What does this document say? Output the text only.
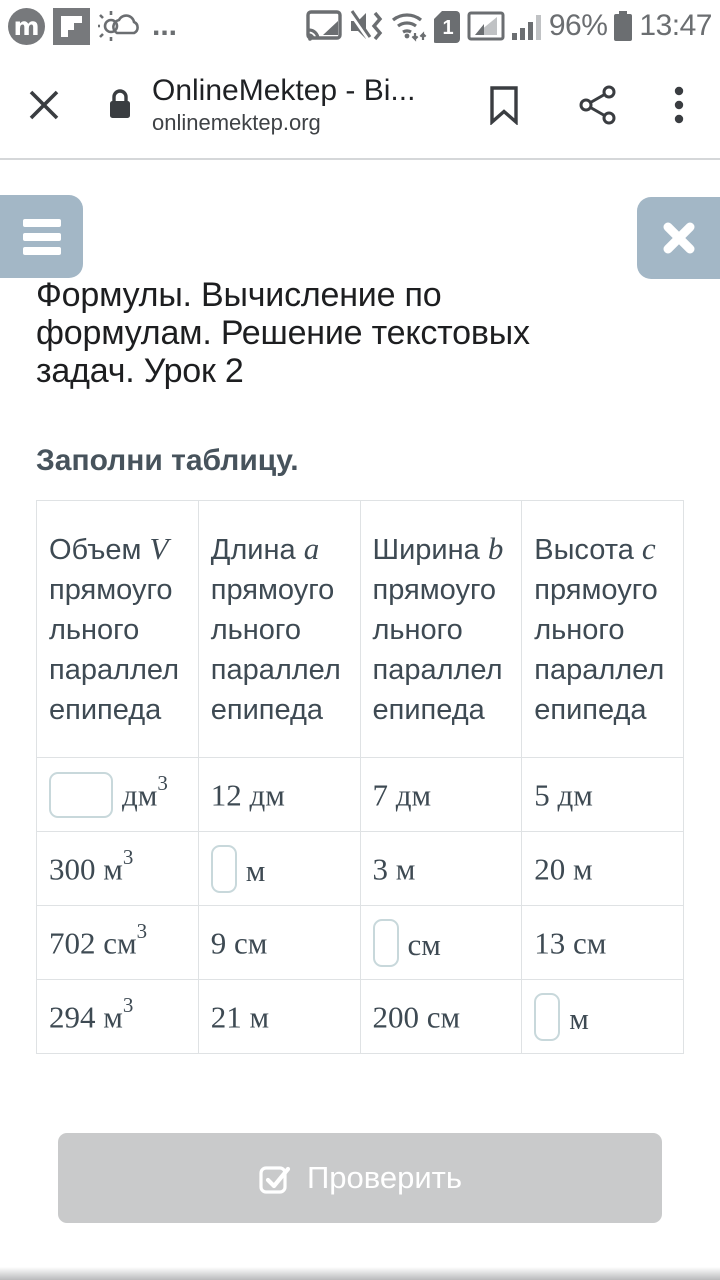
m	...	1	96% 13:47
OnlineMektep - Bi...
onlinemektep.org
Формулы. Вычисление по
формулам. Решение текстовых
задач. Урок 2
Заполни таблицу.
Объем V прямоугольного параллелепипеда	Длина a прямоугольного параллелепипеда	Ширина b прямоугольного параллелепипеда	Высота c прямоугольного параллелепипеда

$дм^3$	12 дм	7 дм	5 дм
300 $м^3$	м	3 м	20 м
702 $см^3$	9 см	см	13 см
294 $м^3$	21 м	200 см	м
Проверить
